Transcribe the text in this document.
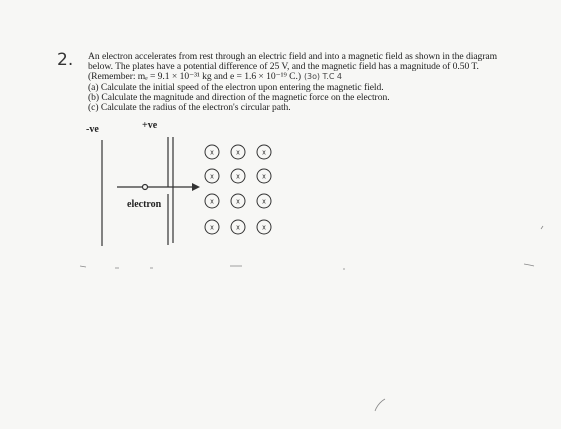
2. An electron accelerates from rest through an electric field and into a magnetic field as shown in the diagram
below. The plates have a potential difference of 25 V, and the magnetic field has a magnitude of 0.50 T.
(Remember: mₑ = 9.1 × 10⁻³¹ kg and e = 1.6 × 10⁻¹⁹ C.) (3o) T.C 4
(a) Calculate the initial speed of the electron upon entering the magnetic field.
(b) Calculate the magnitude and direction of the magnetic force on the electron.
(c) Calculate the radius of the electron's circular path.
-ve	+ve
electron
x	x	x
x	x	x
x	x	x
x	x	x
